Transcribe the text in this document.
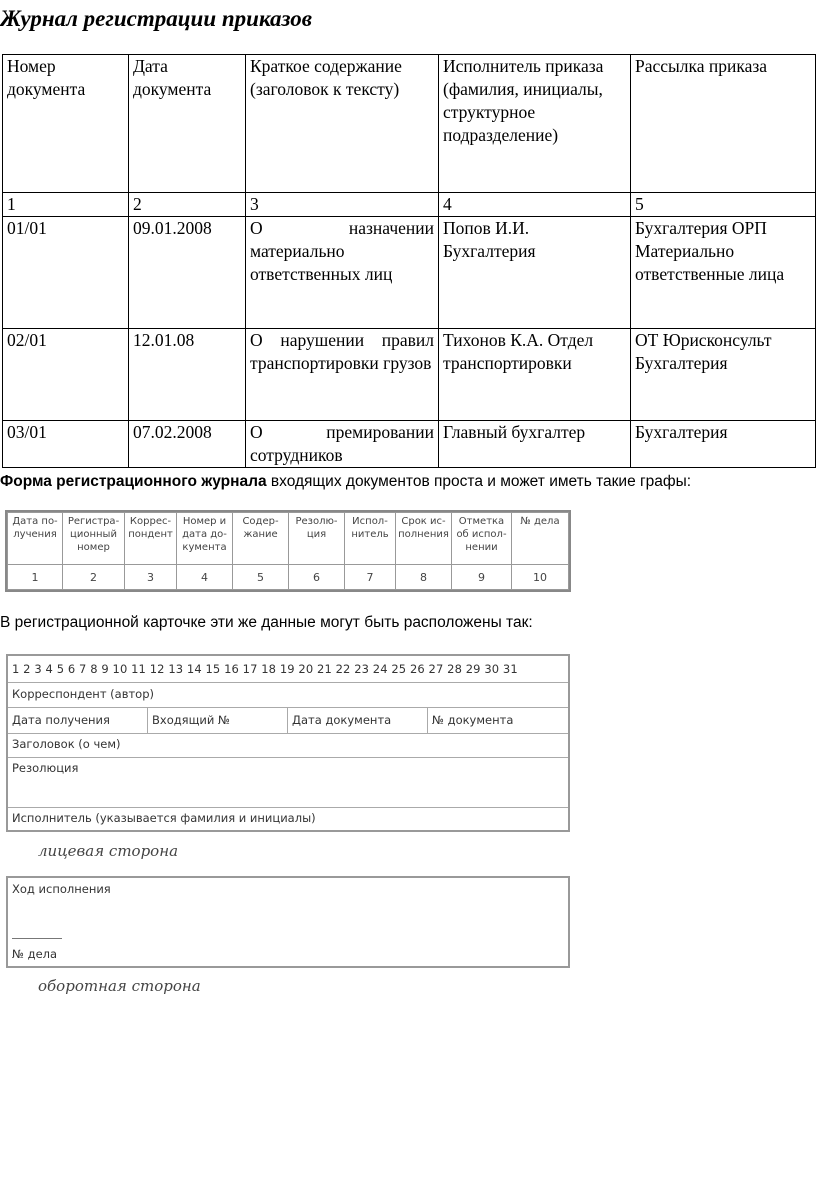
Журнал регистрации приказов
Номер документа	Дата документа	Краткое содержание (заголовок к тексту)	Исполнитель приказа (фамилия, инициалы, структурное подразделение)	Рассылка приказа
1	2	3	4	5
01/01	09.01.2008	О назначении материально ответственных лиц	Попов И.И. Бухгалтерия	Бухгалтерия ОРП Материально ответственные лица
02/01	12.01.08	О нарушении правил транспортировки грузов	Тихонов К.А. Отдел транспортировки	ОТ Юрисконсульт Бухгалтерия
03/01	07.02.2008	О премировании сотрудников	Главный бухгалтер	Бухгалтерия

Форма регистрационного журнала входящих документов проста и может иметь такие графы:

Дата по-лучения	Регистра-ционный номер	Коррес-пондент	Номер и дата до-кумента	Содер-жание	Резолю-ция	Испол-нитель	Срок ис-полнения	Отметка об испол-нении	№ дела
1	2	3	4	5	6	7	8	9	10

В регистрационной карточке эти же данные могут быть расположены так:

1 2 3 4 5 6 7 8 9 10 11 12 13 14 15 16 17 18 19 20 21 22 23 24 25 26 27 28 29 30 31
Корреспондент (автор)
Дата получения	Входящий №	Дата документа	№ документа
Заголовок (о чем)
Резолюция
Исполнитель (указывается фамилия и инициалы)

лицевая сторона

Ход исполнения
№ дела

оборотная сторона
